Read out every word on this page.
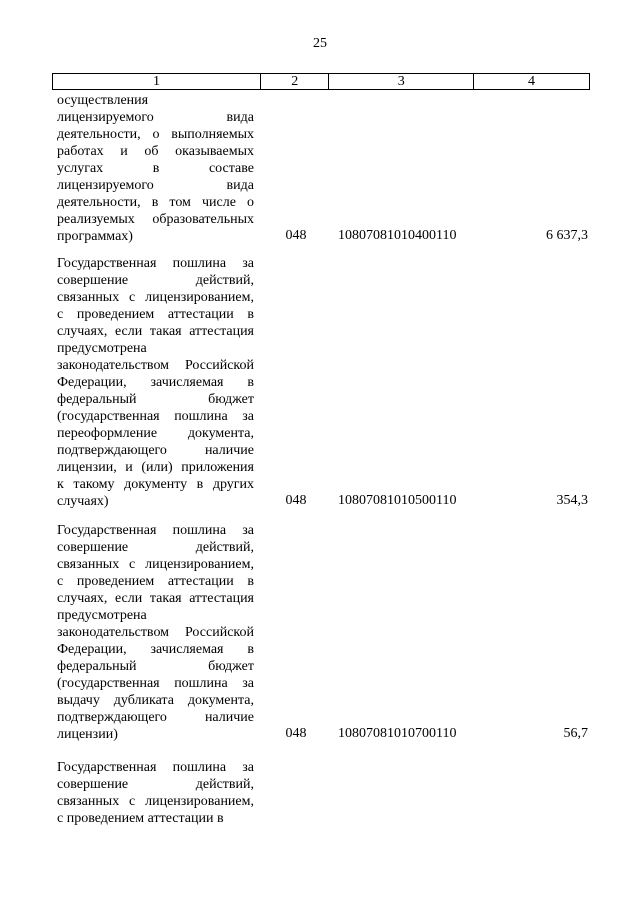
25
1	2	3	4
осуществления
лицензируемого вида
деятельности, о выполняемых
работах и об оказываемых
услугах в составе
лицензируемого вида
деятельности, в том числе о
реализуемых образовательных
программах)	048 10807081010400110	6 637,3
Государственная пошлина за
совершение действий,
связанных с лицензированием,
с проведением аттестации в
случаях, если такая аттестация
предусмотрена
законодательством Российской
Федерации, зачисляемая в
федеральный бюджет
(государственная пошлина за
переоформление документа,
подтверждающего наличие
лицензии, и (или) приложения
к такому документу в других
случаях)	048 10807081010500110	354,3
Государственная пошлина за
совершение действий,
связанных с лицензированием,
с проведением аттестации в
случаях, если такая аттестация
предусмотрена
законодательством Российской
Федерации, зачисляемая в
федеральный бюджет
(государственная пошлина за
выдачу дубликата документа,
подтверждающего наличие
лицензии)	048 10807081010700110	56,7
Государственная пошлина за
совершение действий,
связанных с лицензированием,
с проведением аттестации в
